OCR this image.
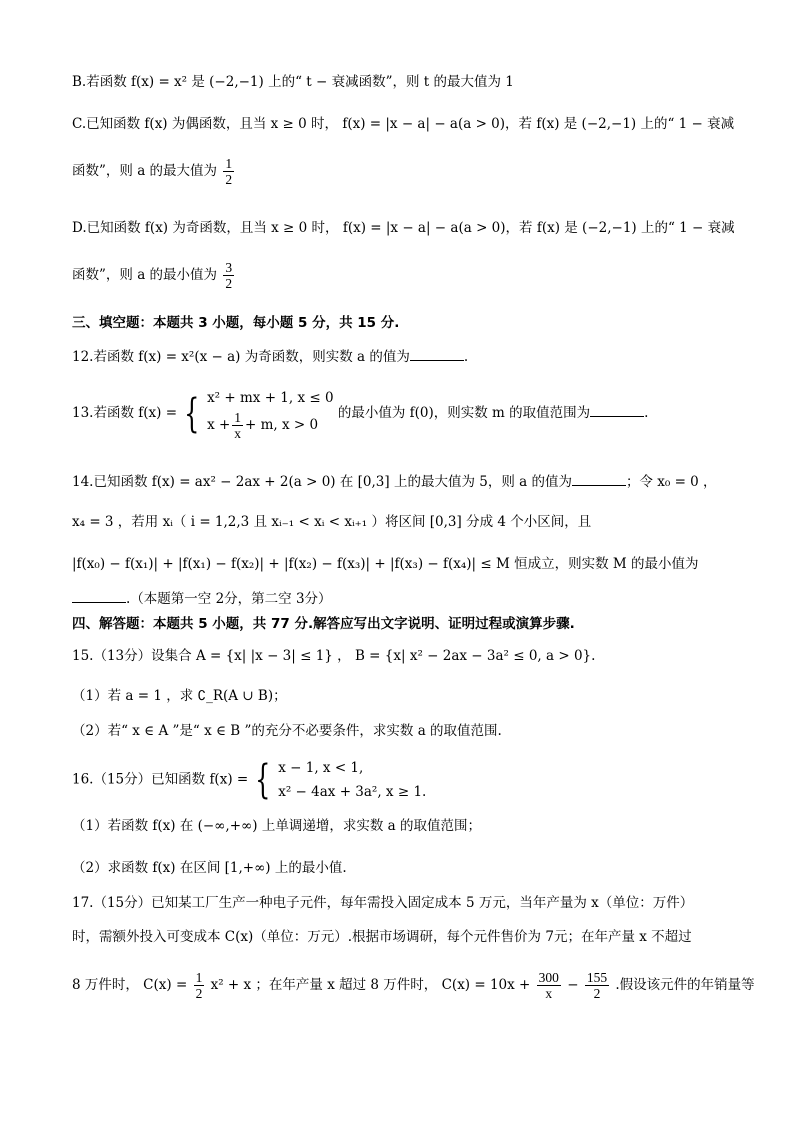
B.若函数 f(x) = x² 是 (−2,−1) 上的“ t − 衰减函数”，则 t 的最大值为 1
C.已知函数 f(x) 为偶函数，且当 x ≥ 0 时， f(x) = |x − a| − a(a > 0)，若 f(x) 是 (−2,−1) 上的“ 1 − 衰减
函数”，则 a 的最大值为 $\frac{1}{2}$
D.已知函数 f(x) 为奇函数，且当 x ≥ 0 时， f(x) = |x − a| − a(a > 0)，若 f(x) 是 (−2,−1) 上的“ 1 − 衰减
函数”，则 a 的最小值为 $\frac{3}{2}$
三、填空题：本题共 3 小题，每小题 5 分，共 15 分.
12.若函数 f(x) = x²(x − a) 为奇函数，则实数 a 的值为	.
13.若函数 f(x) = { x² + mx + 1, x ≤ 0
$x + \frac{1}{x} + m$, x > 0
的最小值为 f(0)，则实数 m 的取值范围为	.
14.已知函数 f(x) = ax² − 2ax + 2(a > 0) 在 [0,3] 上的最大值为 5，则 a 的值为	；令 x₀ = 0 ，
x₄ = 3 ，若用 xᵢ（ i = 1,2,3 且 xᵢ₋₁ < xᵢ < xᵢ₊₁ ）将区间 [0,3] 分成 4 个小区间，且
|f(x₀) − f(x₁)| + |f(x₁) − f(x₂)| + |f(x₂) − f(x₃)| + |f(x₃) − f(x₄)| ≤ M 恒成立，则实数 M 的最小值为
.（本题第一空 2分，第二空 3分）
四、解答题：本题共 5 小题，共 77 分.解答应写出文字说明、证明过程或演算步骤.
15.（13分）设集合 A = {x| |x − 3| ≤ 1} ， B = {x| x² − 2ax − 3a² ≤ 0, a > 0}.
（1）若 a = 1 ，求 ∁_R(A ∪ B)；
（2）若“ x ∈ A ”是“ x ∈ B ”的充分不必要条件，求实数 a 的取值范围.
16.（15分）已知函数 f(x) = { x − 1, x < 1,
x² − 4ax + 3a², x ≥ 1.
（1）若函数 f(x) 在 (−∞,+∞) 上单调递增，求实数 a 的取值范围；
（2）求函数 f(x) 在区间 [1,+∞) 上的最小值.
17.（15分）已知某工厂生产一种电子元件，每年需投入固定成本 5 万元，当年产量为 x（单位：万件）
时，需额外投入可变成本 C(x)（单位：万元）.根据市场调研，每个元件售价为 7元；在年产量 x 不超过
8 万件时， $C(x) = \frac{1}{2} x^2 + x$ ；在年产量 x 超过 8 万件时， $C(x) = 10x + \frac{300}{x} - \frac{155}{2}$ .假设该元件的年销量等
